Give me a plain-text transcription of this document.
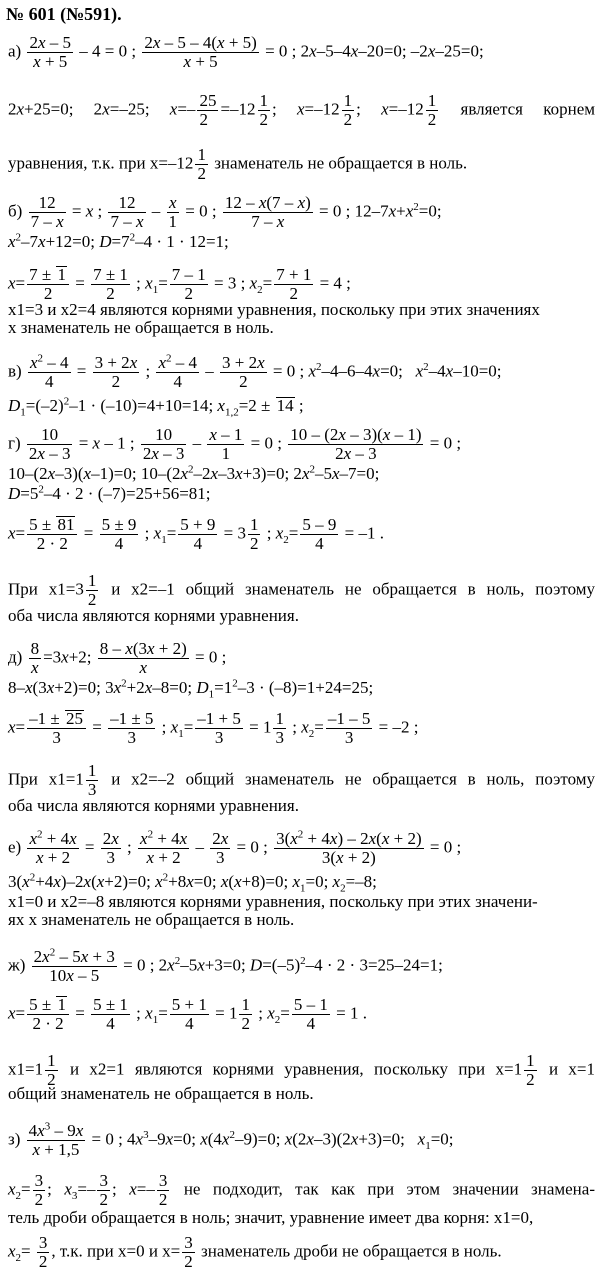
№ 601 (№591).
$а) \frac{2x - 5}{x + 5} - 4 = 0$ ; $\frac{2x - 5 - 4(x + 5)}{x + 5} = 0$ ; 2x–5–4x–20=0; –2x–25=0;
2x+25=0; 2x=–25; $x=- \frac{25}{2} =-12 \frac{1}{2}$ ; $x=-12 \frac{1}{2}$ ; $x=-12 \frac{1}{2}$ является корнем
уравнения, т.к. при $x=-12 \frac{1}{2}$ знаменатель не обращается в ноль.
$б) \frac{12}{7 - x} = x$ ; $\frac{12}{7 - x} - \frac{x}{1} = 0$ ; $\frac{12 - x(7 - x)}{7 - x} = 0$ ; $12-7x+x^2=0$;
$x^2-7x+12=0$; $D=7^2-4 \cdot 1 \cdot 12=1$;
$x= \frac{7 \pm 1}{2} = \frac{7 \pm 1}{2}$ ; $x_1= \frac{7 - 1}{2} = 3$ ; $x_2= \frac{7 + 1}{2} = 4$ ;
x1=3 и x2=4 являются корнями уравнения, поскольку при этих значениях
x знаменатель не обращается в ноль.
$в) \frac{x^2 - 4}{4} = \frac{3 + 2x}{2}$ ; $\frac{x^2 - 4}{4} - \frac{3 + 2x}{2} = 0$ ; $x^2-4-6-4x=0$;   $x^2-4x-10=0$;
$D_1=(-2)^2-1 \cdot (-10)=4+10=14$; $x_{1,2}=2 \pm 14$ ;
$г) \frac{10}{2x - 3} = x - 1$ ; $\frac{10}{2x - 3} - \frac{x - 1}{1} = 0$ ; $\frac{10 - (2x - 3)(x - 1)}{2x - 3} = 0$ ;
10–(2x–3)(x–1)=0; $10-(2x^2-2x-3x+3)=0$; $2x^2-5x-7=0$;
$D=5^2-4 \cdot 2 \cdot (-7)=25+56=81$;
$x= \frac{5 \pm 81}{2 \cdot 2} = \frac{5 \pm 9}{4}$ ; $x_1= \frac{5 + 9}{4} = 3 \frac{1}{2}$ ; $x_2= \frac{5 - 9}{4} = -1$ .
При $x1=3 \frac{1}{2}$ и x2=–1 общий знаменатель не обращается в ноль, поэтому
оба числа являются корнями уравнения.
$д) \frac{8}{x} =3x+2$; $\frac{8 - x(3x + 2)}{x} = 0$ ;
8–x(3x+2)=0; $3x^2+2x-8=0$; $D_1=1^2-3 \cdot (-8)=1+24=25$;
$x= \frac{-1 \pm 25}{3} = \frac{-1 \pm 5}{3}$ ; $x_1= \frac{-1 + 5}{3} = 1 \frac{1}{3}$ ; $x_2= \frac{-1 - 5}{3} = -2$ ;
При $x1=1 \frac{1}{3}$ и x2=–2 общий знаменатель не обращается в ноль, поэтому
оба числа являются корнями уравнения.
$е) \frac{x^2 + 4x}{x + 2} = \frac{2x}{3}$ ; $\frac{x^2 + 4x}{x + 2} - \frac{2x}{3} = 0$ ; $\frac{3(x^2 + 4x) - 2x(x + 2)}{3(x + 2)} = 0$ ;
$3(x^2+4x)-2x(x+2)=0$; $x^2+8x=0$; x(x+8)=0; $x_1=0$; $x_2=-8$;
x1=0 и x2=–8 являются корнями уравнения, поскольку при этих значени-
ях x знаменатель не обращается в ноль.
$ж) \frac{2x^2 - 5x + 3}{10x - 5} = 0$ ; $2x^2-5x+3=0$; $D=(-5)^2-4 \cdot 2 \cdot 3=25-24=1$;
$x= \frac{5 \pm 1}{2 \cdot 2} = \frac{5 \pm 1}{4}$ ; $x_1= \frac{5 + 1}{4} = 1 \frac{1}{2}$ ; $x_2= \frac{5 - 1}{4} = 1$ .
$x1=1 \frac{1}{2}$ и x2=1 являются корнями уравнения, поскольку при $x=1 \frac{1}{2}$ и x=1
общий знаменатель не обращается в ноль.
$з) \frac{4x^3 - 9x}{x + 1,5} = 0$ ; $4x^3-9x=0$; $x(4x^2-9)=0$; x(2x–3)(2x+3)=0;   $x_1=0$;
$x_2= \frac{3}{2}$ ; $x_3=- \frac{3}{2}$ ; $x=- \frac{3}{2}$ не подходит, так как при этом значении знамена-
тель дроби обращается в ноль; значит, уравнение имеет два корня: x1=0,
$x_2= \frac{3}{2}$ , т.к. при x=0 и $x= \frac{3}{2}$ знаменатель дроби не обращается в ноль.
